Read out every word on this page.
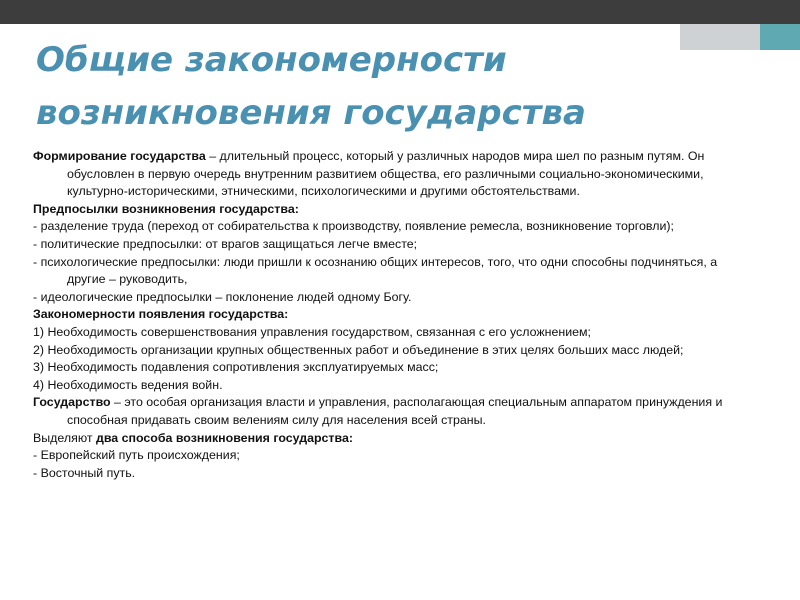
Общие закономерности
возникновения государства

Формирование государства – длительный процесс, который у различных народов мира шел по разным путям. Он обусловлен в первую очередь внутренним развитием общества, его различными социально-экономическими, культурно-историческими, этническими, психологическими и другими обстоятельствами.

Предпосылки возникновения государства:

- разделение труда (переход от собирательства к производству, появление ремесла, возникновение торговли);

- политические предпосылки: от врагов защищаться легче вместе;

- психологические предпосылки: люди пришли к осознанию общих интересов, того, что одни способны подчиняться, а другие – руководить,

- идеологические предпосылки – поклонение людей одному Богу.

Закономерности появления государства:

1) Необходимость совершенствования управления государством, связанная с его усложнением;

2) Необходимость организации крупных общественных работ и объединение в этих целях больших масс людей;

3) Необходимость подавления сопротивления эксплуатируемых масс;

4) Необходимость ведения войн.

Государство – это особая организация власти и управления, располагающая специальным аппаратом принуждения и способная придавать своим велениям силу для населения всей страны.

Выделяют два способа возникновения государства:

- Европейский путь происхождения;

- Восточный путь.
